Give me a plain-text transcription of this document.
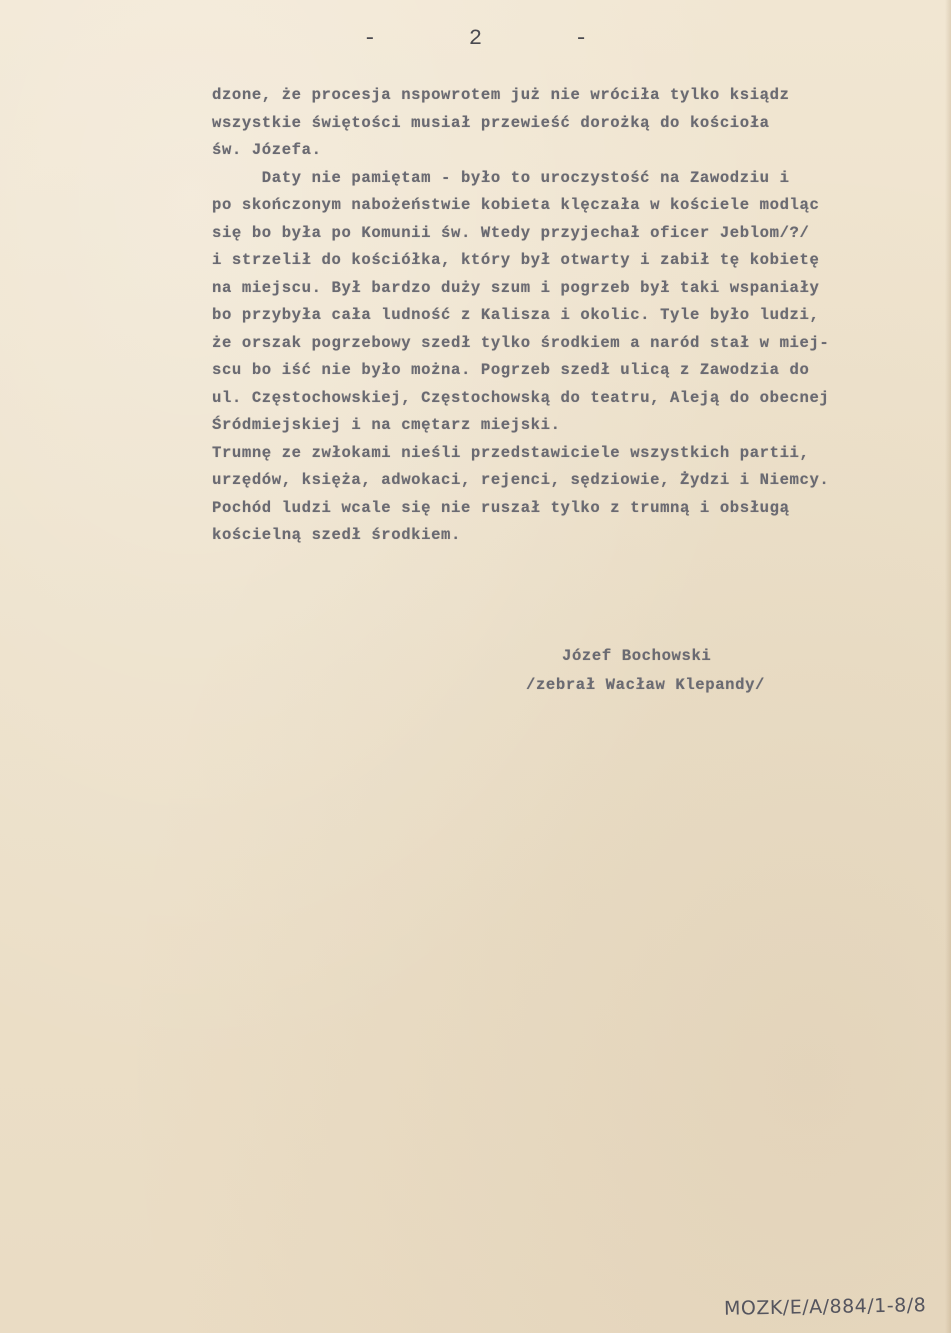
-       2       -
dzone, że procesja nspowrotem już nie wróciła tylko ksiądz
wszystkie świętości musiał przewieść dorożką do kościoła
św. Józefa.
Daty nie pamiętam - było to uroczystość na Zawodziu i
po skończonym nabożeństwie kobieta klęczała w kościele modląc
się bo była po Komunii św. Wtedy przyjechał oficer Jeblom/?/
i strzelił do kościółka, który był otwarty i zabił tę kobietę
na miejscu. Był bardzo duży szum i pogrzeb był taki wspaniały
bo przybyła cała ludność z Kalisza i okolic. Tyle było ludzi,
że orszak pogrzebowy szedł tylko środkiem a naród stał w miej-
scu bo iść nie było można. Pogrzeb szedł ulicą z Zawodzia do
ul. Częstochowskiej, Częstochowską do teatru, Aleją do obecnej
Śródmiejskiej i na cmętarz miejski.
Trumnę ze zwłokami nieśli przedstawiciele wszystkich partii,
urzędów, księża, adwokaci, rejenci, sędziowie, Żydzi i Niemcy.
Pochód ludzi wcale się nie ruszał tylko z trumną i obsługą
kościelną szedł środkiem.
Józef Bochowski
/zebrał Wacław Klepandy/
MOZK/E/A/884/1-8/8
